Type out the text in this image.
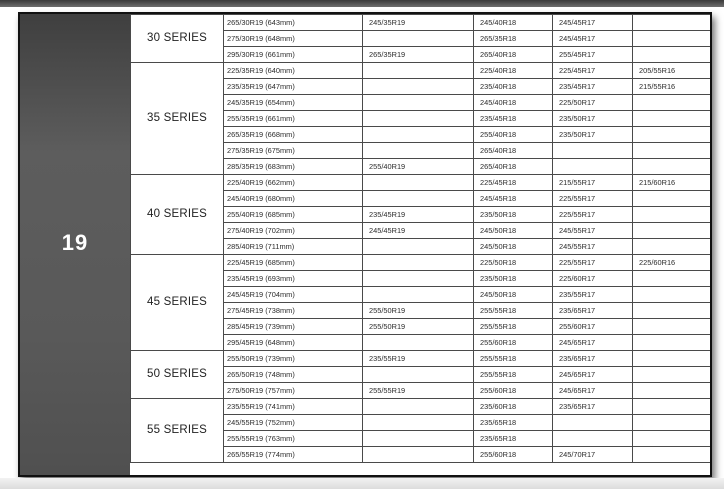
19
30 SERIES	265/30R19 (643mm)	245/35R19	245/40R18	245/45R17	
	275/30R19 (648mm)		265/35R18	245/45R17	
	295/30R19 (661mm)	265/35R19	265/40R18	255/45R17	
35 SERIES	225/35R19 (640mm)		225/40R18	225/45R17	205/55R16
	235/35R19 (647mm)		235/40R18	235/45R17	215/55R16
	245/35R19 (654mm)		245/40R18	225/50R17	
	255/35R19 (661mm)		235/45R18	235/50R17	
	265/35R19 (668mm)		255/40R18	235/50R17	
	275/35R19 (675mm)		265/40R18		
	285/35R19 (683mm)	255/40R19	265/40R18		
40 SERIES	225/40R19 (662mm)		225/45R18	215/55R17	215/60R16
	245/40R19 (680mm)		245/45R18	225/55R17	
	255/40R19 (685mm)	235/45R19	235/50R18	225/55R17	
	275/40R19 (702mm)	245/45R19	245/50R18	245/55R17	
	285/40R19 (711mm)		245/50R18	245/55R17	
45 SERIES	225/45R19 (685mm)		225/50R18	225/55R17	225/60R16
	235/45R19 (693mm)		235/50R18	225/60R17	
	245/45R19 (704mm)		245/50R18	235/55R17	
	275/45R19 (738mm)	255/50R19	255/55R18	235/65R17	
	285/45R19 (739mm)	255/50R19	255/55R18	255/60R17	
	295/45R19 (648mm)		255/60R18	245/65R17	
50 SERIES	255/50R19 (739mm)	235/55R19	255/55R18	235/65R17	
	265/50R19 (748mm)		255/55R18	245/65R17	
	275/50R19 (757mm)	255/55R19	255/60R18	245/65R17	
55 SERIES	235/55R19 (741mm)		235/60R18	235/65R17	
	245/55R19 (752mm)		235/65R18		
	255/55R19 (763mm)		235/65R18		
	265/55R19 (774mm)		255/60R18	245/70R17	
